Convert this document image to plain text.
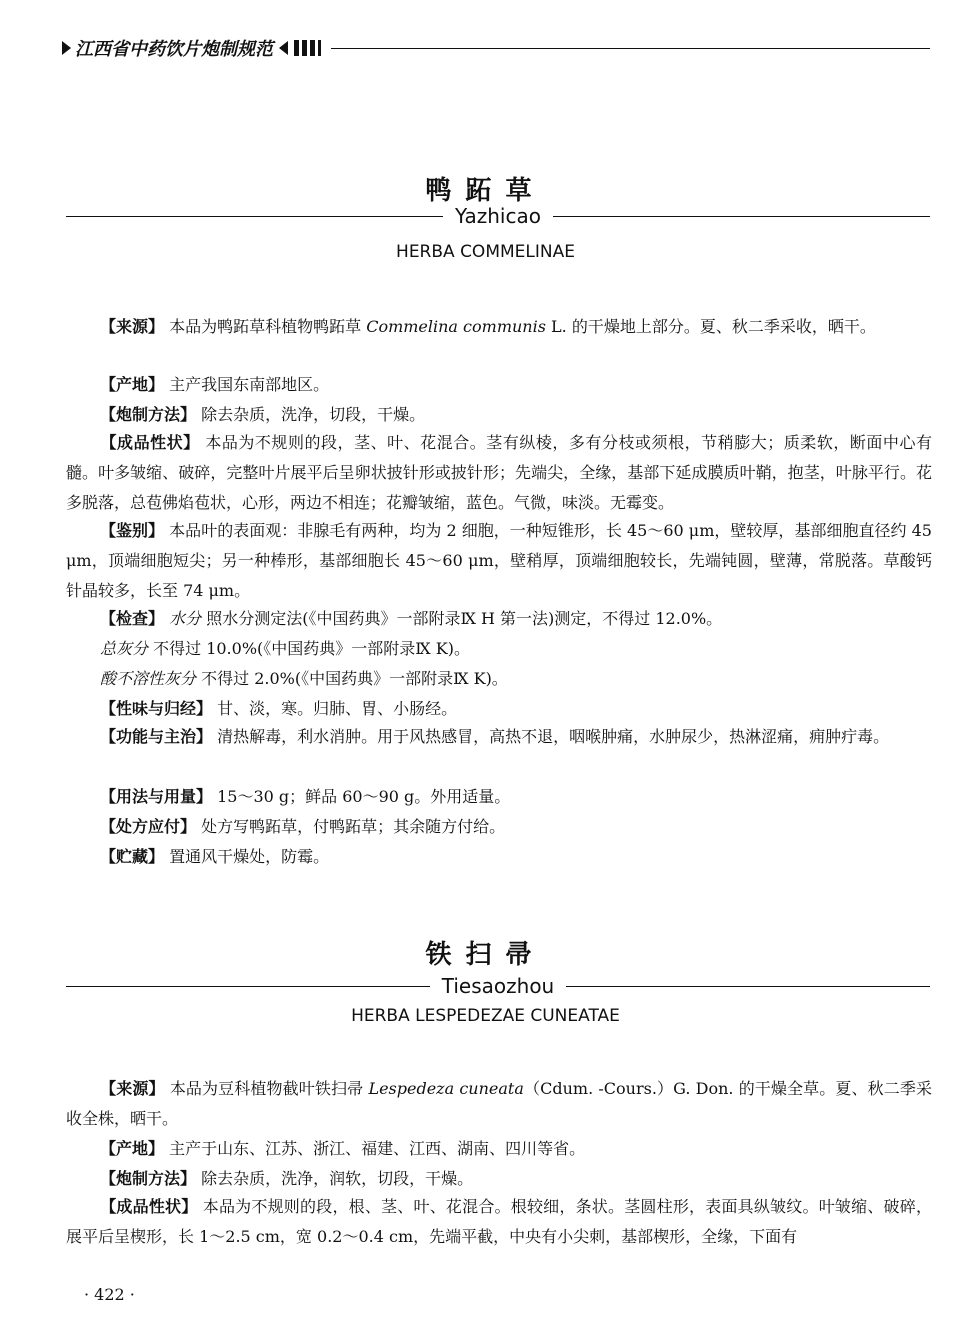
江西省中药饮片炮制规范
鸭跖草
Yazhicao
HERBA COMMELINAE
【来源】 本品为鸭跖草科植物鸭跖草 Commelina communis L. 的干燥地上部分。夏、秋二季采收，晒干。
【产地】 主产我国东南部地区。
【炮制方法】 除去杂质，洗净，切段，干燥。
【成品性状】 本品为不规则的段，茎、叶、花混合。茎有纵棱，多有分枝或须根，节稍膨大；质柔软，断面中心有髓。叶多皱缩、破碎，完整叶片展平后呈卵状披针形或披针形；先端尖，全缘，基部下延成膜质叶鞘，抱茎，叶脉平行。花多脱落，总苞佛焰苞状，心形，两边不相连；花瓣皱缩，蓝色。气微，味淡。无霉变。
【鉴别】 本品叶的表面观：非腺毛有两种，均为 2 细胞，一种短锥形，长 45～60 μm，壁较厚，基部细胞直径约 45 μm，顶端细胞短尖；另一种棒形，基部细胞长 45～60 μm，壁稍厚，顶端细胞较长，先端钝圆，壁薄，常脱落。草酸钙针晶较多，长至 74 μm。
【检查】 水分 照水分测定法(《中国药典》一部附录Ⅸ H 第一法)测定，不得过 12.0%。
总灰分 不得过 10.0%(《中国药典》一部附录Ⅸ K)。
酸不溶性灰分 不得过 2.0%(《中国药典》一部附录Ⅸ K)。
【性味与归经】 甘、淡，寒。归肺、胃、小肠经。
【功能与主治】 清热解毒，利水消肿。用于风热感冒，高热不退，咽喉肿痛，水肿尿少，热淋涩痛，痈肿疔毒。
【用法与用量】 15～30 g；鲜品 60～90 g。外用适量。
【处方应付】 处方写鸭跖草，付鸭跖草；其余随方付给。
【贮藏】 置通风干燥处，防霉。
铁扫帚
Tiesaozhou
HERBA LESPEDEZAE CUNEATAE
【来源】 本品为豆科植物截叶铁扫帚 Lespedeza cuneata（Cdum. -Cours.）G. Don. 的干燥全草。夏、秋二季采收全株，晒干。
【产地】 主产于山东、江苏、浙江、福建、江西、湖南、四川等省。
【炮制方法】 除去杂质，洗净，润软，切段，干燥。
【成品性状】 本品为不规则的段，根、茎、叶、花混合。根较细，条状。茎圆柱形，表面具纵皱纹。叶皱缩、破碎，展平后呈楔形，长 1～2.5 cm，宽 0.2～0.4 cm，先端平截，中央有小尖刺，基部楔形，全缘，下面有
· 422 ·
